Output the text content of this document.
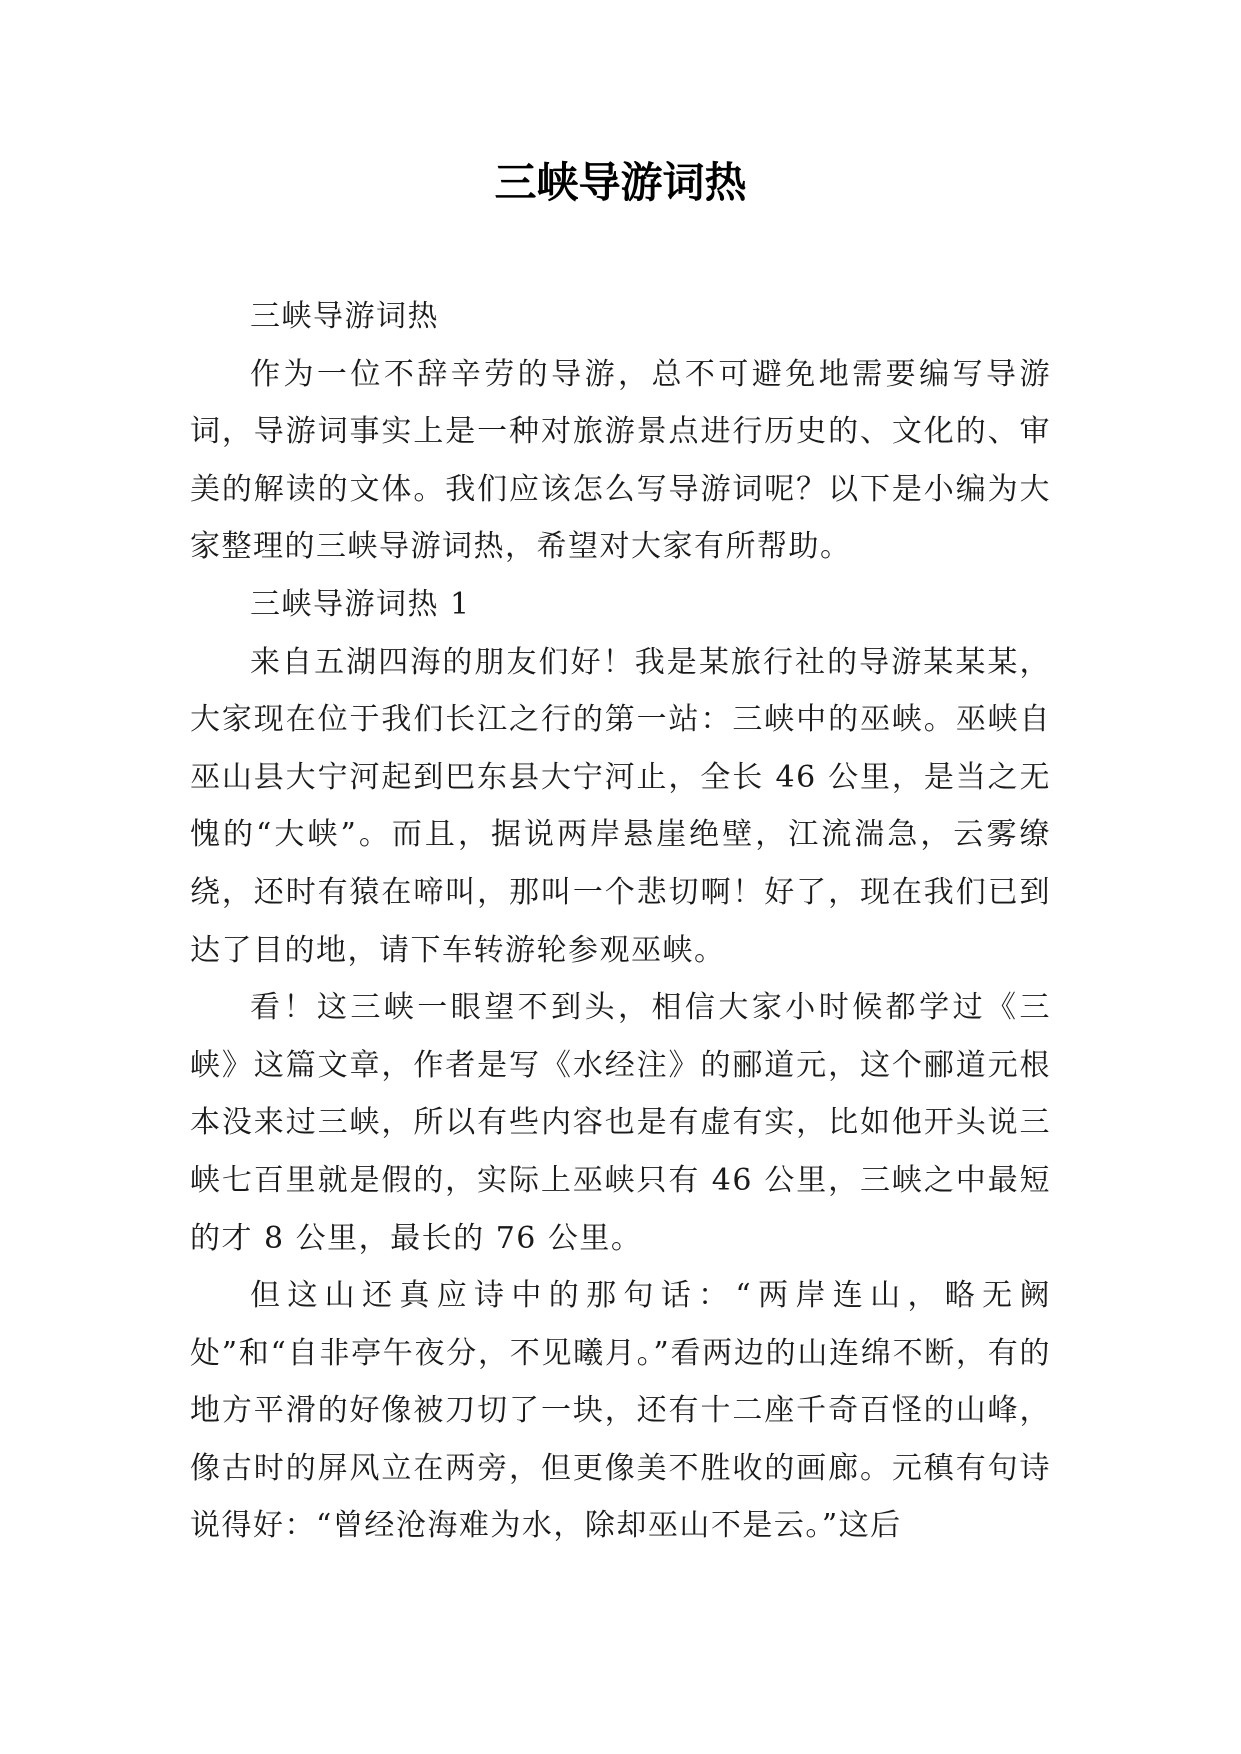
三峡导游词热

三峡导游词热

作为一位不辞辛劳的导游，总不可避免地需要编写导游词，导游词事实上是一种对旅游景点进行历史的、文化的、审美的解读的文体。我们应该怎么写导游词呢？以下是小编为大家整理的三峡导游词热，希望对大家有所帮助。

三峡导游词热 1

来自五湖四海的朋友们好！我是某旅行社的导游某某某，大家现在位于我们长江之行的第一站：三峡中的巫峡。巫峡自巫山县大宁河起到巴东县大宁河止，全长 46 公里，是当之无愧的“大峡”。而且，据说两岸悬崖绝壁，江流湍急，云雾缭绕，还时有猿在啼叫，那叫一个悲切啊！好了，现在我们已到达了目的地，请下车转游轮参观巫峡。

看！这三峡一眼望不到头，相信大家小时候都学过《三峡》这篇文章，作者是写《水经注》的郦道元，这个郦道元根本没来过三峡，所以有些内容也是有虚有实，比如他开头说三峡七百里就是假的，实际上巫峡只有 46 公里，三峡之中最短的才 8 公里，最长的 76 公里。

但这山还真应诗中的那句话：“两岸连山，略无阙处”和“自非亭午夜分，不见曦月。”看两边的山连绵不断，有的地方平滑的好像被刀切了一块，还有十二座千奇百怪的山峰，像古时的屏风立在两旁，但更像美不胜收的画廊。元稹有句诗说得好：“曾经沧海难为水，除却巫山不是云。”这后
